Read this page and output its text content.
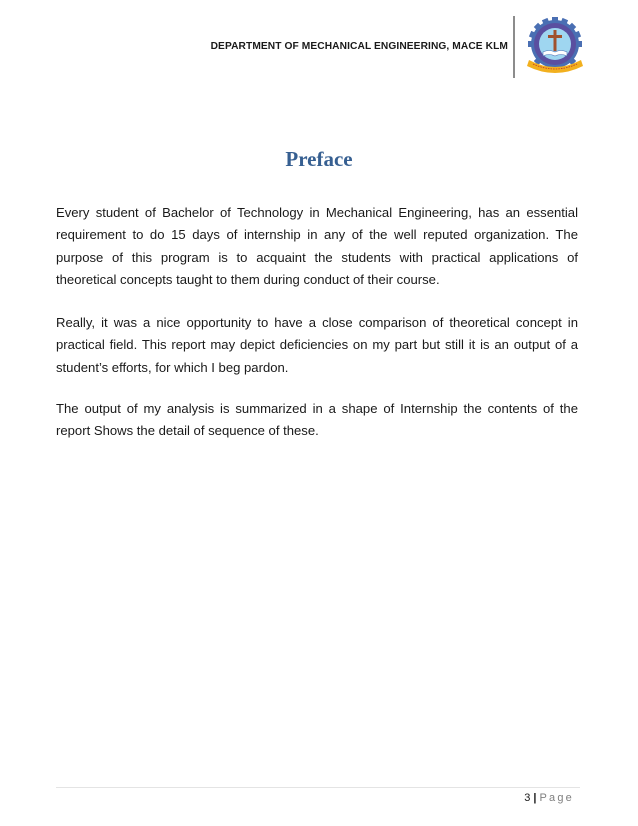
DEPARTMENT OF MECHANICAL ENGINEERING, MACE KLM
Preface

Every student of Bachelor of Technology in Mechanical Engineering, has an essential requirement to do 15 days of internship in any of the well reputed organization. The purpose of this program is to acquaint the students with practical applications of theoretical concepts taught to them during conduct of their course.

Really, it was a nice opportunity to have a close comparison of theoretical concept in practical field. This report may depict deficiencies on my part but still it is an output of a student’s efforts, for which I beg pardon.

The output of my analysis is summarized in a shape of Internship the contents of the report Shows the detail of sequence of these.

3 | Page
